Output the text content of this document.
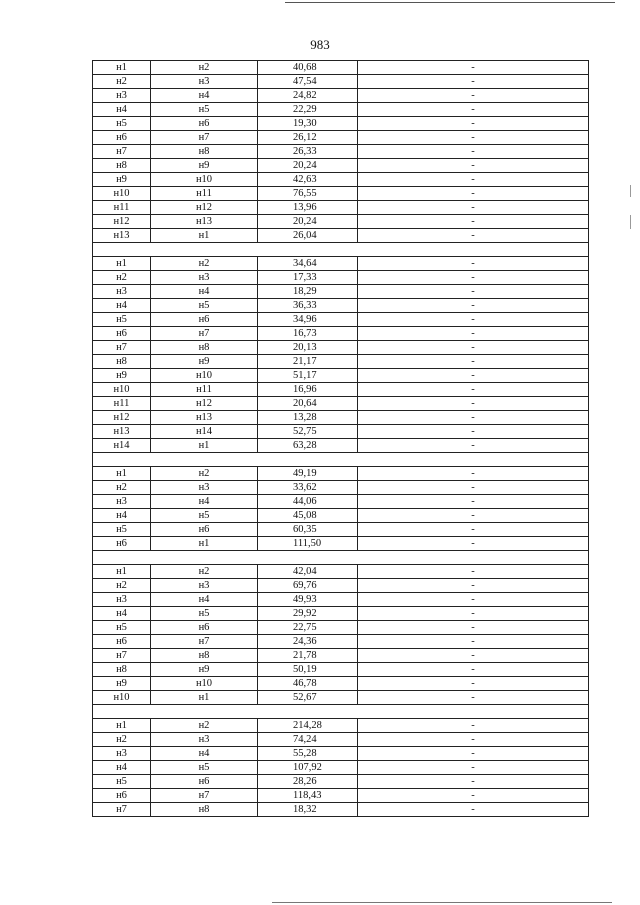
983
н1	н2	40,68	-
н2	н3	47,54	-
н3	н4	24,82	-
н4	н5	22,29	-
н5	н6	19,30	-
н6	н7	26,12	-
н7	н8	26,33	-
н8	н9	20,24	-
н9	н10	42,63	-
н10	н11	76,55	-
н11	н12	13,96	-
н12	н13	20,24	-
н13	н1	26,04	-

н1	н2	34,64	-
н2	н3	17,33	-
н3	н4	18,29	-
н4	н5	36,33	-
н5	н6	34,96	-
н6	н7	16,73	-
н7	н8	20,13	-
н8	н9	21,17	-
н9	н10	51,17	-
н10	н11	16,96	-
н11	н12	20,64	-
н12	н13	13,28	-
н13	н14	52,75	-
н14	н1	63,28	-

н1	н2	49,19	-
н2	н3	33,62	-
н3	н4	44,06	-
н4	н5	45,08	-
н5	н6	60,35	-
н6	н1	111,50	-

н1	н2	42,04	-
н2	н3	69,76	-
н3	н4	49,93	-
н4	н5	29,92	-
н5	н6	22,75	-
н6	н7	24,36	-
н7	н8	21,78	-
н8	н9	50,19	-
н9	н10	46,78	-
н10	н1	52,67	-

н1	н2	214,28	-
н2	н3	74,24	-
н3	н4	55,28	-
н4	н5	107,92	-
н5	н6	28,26	-
н6	н7	118,43	-
н7	н8	18,32	-
